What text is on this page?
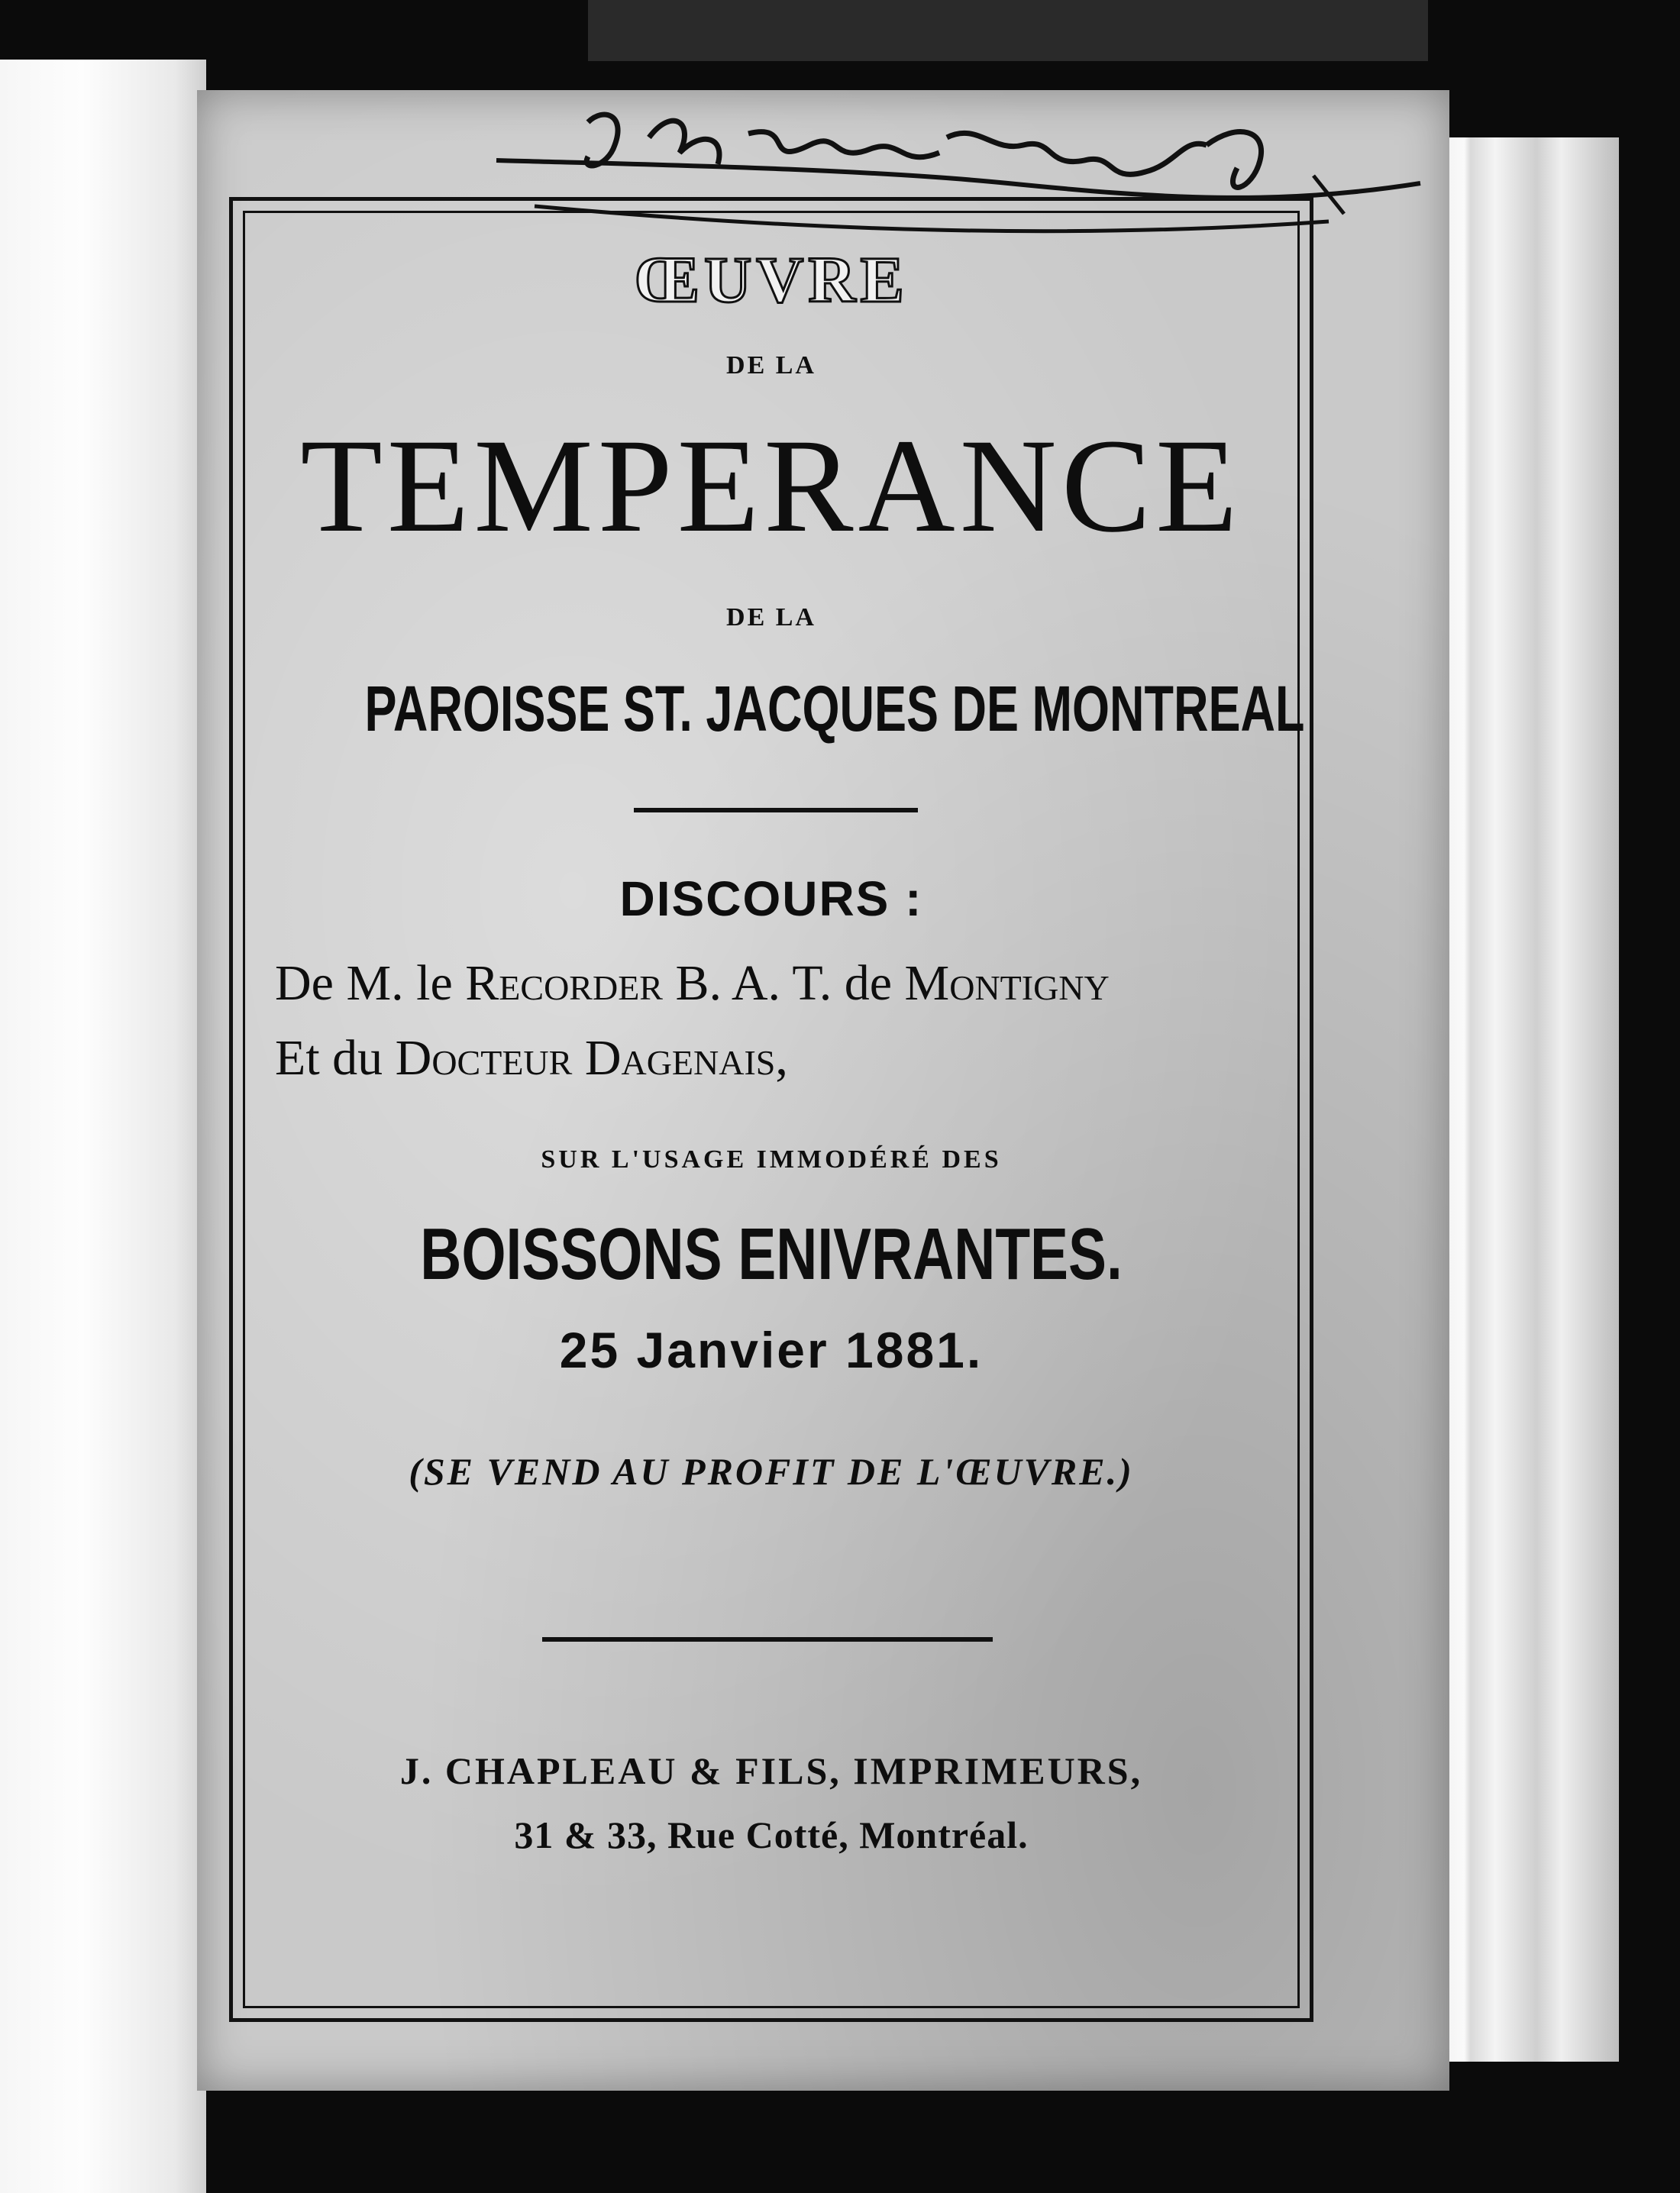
ŒUVRE
DE LA
TEMPERANCE
DE LA
PAROISSE ST. JACQUES DE MONTREAL
DISCOURS :
De M. le Recorder B. A. T. de Montigny
Et du Docteur Dagenais,
SUR L'USAGE IMMODÉRÉ DES
BOISSONS ENIVRANTES.
25 Janvier 1881.
(SE VEND AU PROFIT DE L'ŒUVRE.)
J. CHAPLEAU & FILS, IMPRIMEURS,
31 & 33, Rue Cotté, Montréal.
